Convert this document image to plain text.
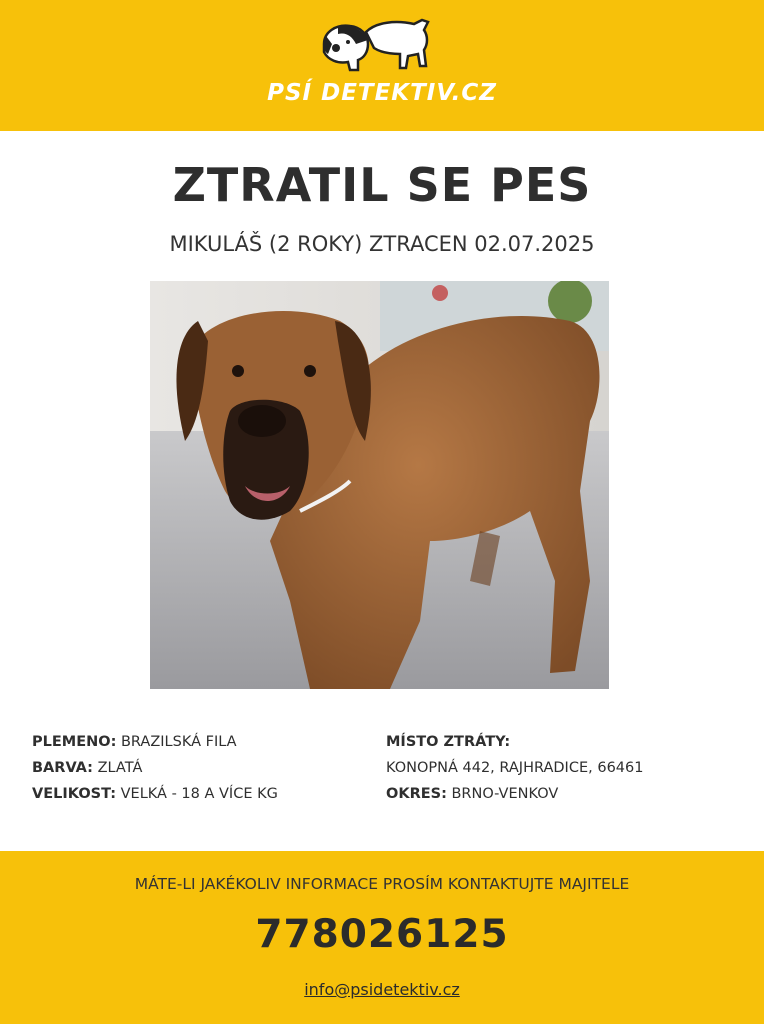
PSÍ DETEKTIV.CZ
ZTRATIL SE PES
MIKULÁŠ (2 ROKY) ZTRACEN 02.07.2025
PLEMENO: BRAZILSKÁ FILA
BARVA: ZLATÁ
VELIKOST: VELKÁ - 18 A VÍCE KG
MÍSTO ZTRÁTY:
KONOPNÁ 442, RAJHRADICE, 66461
OKRES: BRNO-VENKOV
MÁTE-LI JAKÉKOLIV INFORMACE PROSÍM KONTAKTUJTE MAJITELE
778026125
info@psidetektiv.cz
